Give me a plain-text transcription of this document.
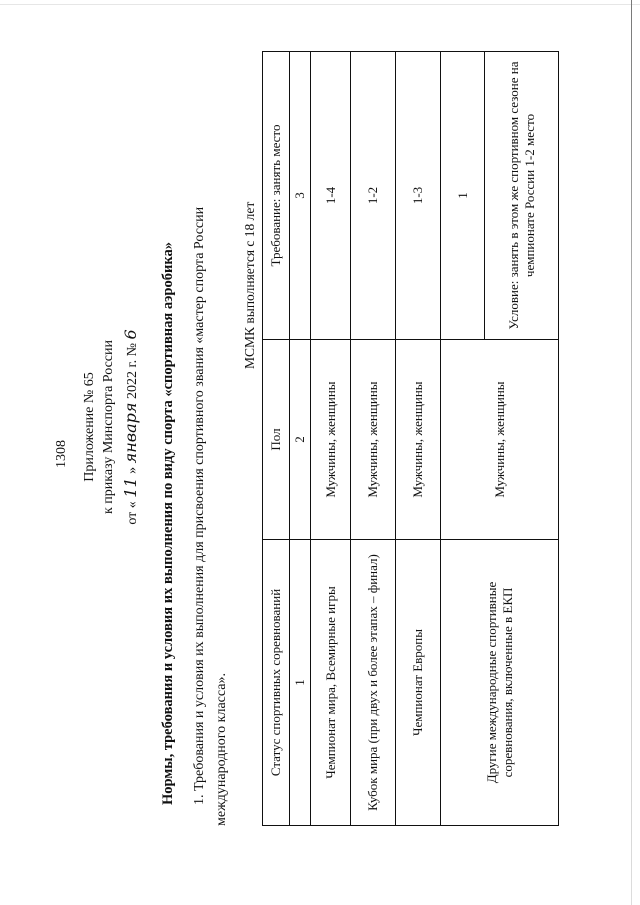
1308 Приложение № 65 к приказу Минспорта России от « 11 » января 2022 г. № 6 Нормы, требования и условия их выполнения по виду спорта «спортивная аэробика» 1. Требования и условия их выполнения для присвоения спортивного звания «мастер спорта России международного класса».
МСМК выполняется с 18 лет
Статус спортивных соревнований	Пол	Требование: занять место
1	2	3
Чемпионат мира, Всемирные игры	Мужчины, женщины	1-4
Кубок мира (при двух и более этапах – финал)	Мужчины, женщины	1-2
Чемпионат Европы	Мужчины, женщины	1-3
Другие международные спортивные соревнования, включенные в ЕКП	Мужчины, женщины	1
		Условие: занять в этом же спортивном сезоне на чемпионате России 1-2 место
